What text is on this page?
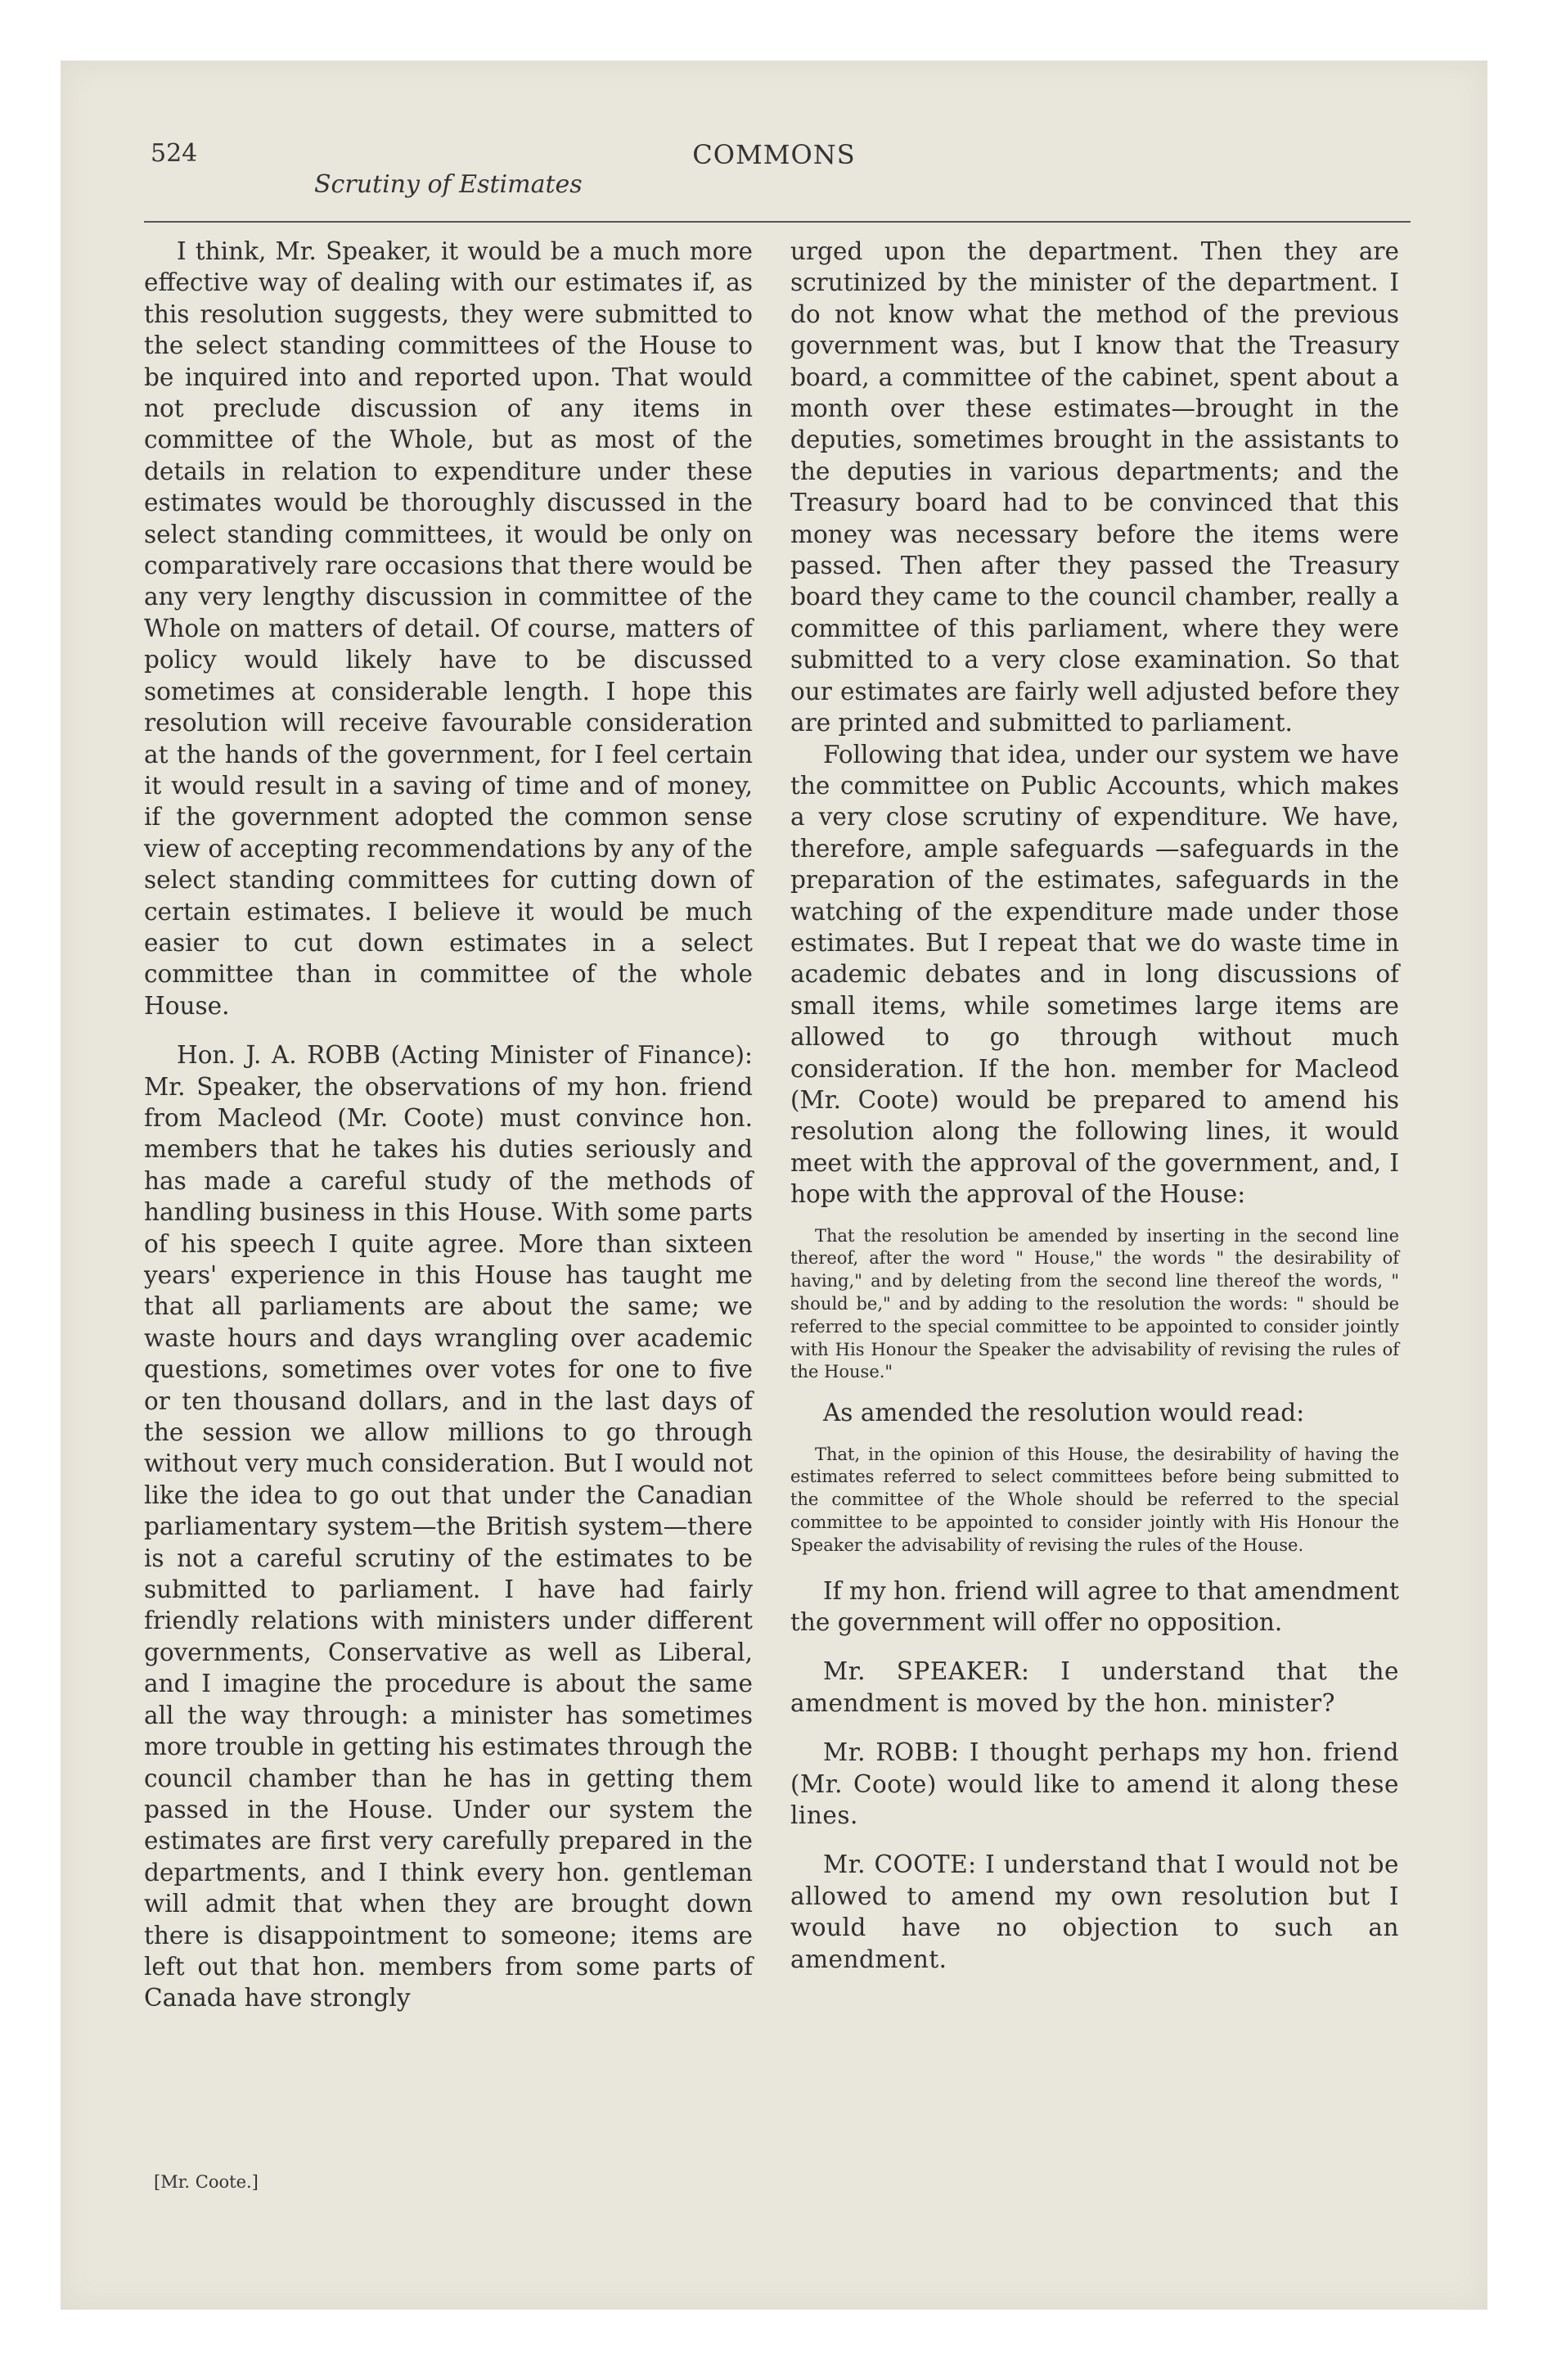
524	COMMONS
Scrutiny of Estimates

I think, Mr. Speaker, it would be a much more effective way of dealing with our estimates if, as this resolution suggests, they were submitted to the select standing committees of the House to be inquired into and reported upon. That would not preclude discussion of any items in committee of the Whole, but as most of the details in relation to expenditure under these estimates would be thoroughly discussed in the select standing committees, it would be only on comparatively rare occasions that there would be any very lengthy discussion in committee of the Whole on matters of detail. Of course, matters of policy would likely have to be discussed sometimes at considerable length. I hope this resolution will receive favourable consideration at the hands of the government, for I feel certain it would result in a saving of time and of money, if the government adopted the common sense view of accepting recommendations by any of the select standing committees for cutting down of certain estimates. I believe it would be much easier to cut down estimates in a select committee than in committee of the whole House.

Hon. J. A. ROBB (Acting Minister of Finance): Mr. Speaker, the observations of my hon. friend from Macleod (Mr. Coote) must convince hon. members that he takes his duties seriously and has made a careful study of the methods of handling business in this House. With some parts of his speech I quite agree. More than sixteen years' experience in this House has taught me that all parliaments are about the same; we waste hours and days wrangling over academic questions, sometimes over votes for one to five or ten thousand dollars, and in the last days of the session we allow millions to go through without very much consideration. But I would not like the idea to go out that under the Canadian parliamentary system—the British system—there is not a careful scrutiny of the estimates to be submitted to parliament. I have had fairly friendly relations with ministers under different governments, Conservative as well as Liberal, and I imagine the procedure is about the same all the way through: a minister has sometimes more trouble in getting his estimates through the council chamber than he has in getting them passed in the House. Under our system the estimates are first very carefully prepared in the departments, and I think every hon. gentleman will admit that when they are brought down there is disappointment to someone; items are left out that hon. members from some parts of Canada have strongly

urged upon the department. Then they are scrutinized by the minister of the department. I do not know what the method of the previous government was, but I know that the Treasury board, a committee of the cabinet, spent about a month over these estimates—brought in the deputies, sometimes brought in the assistants to the deputies in various departments; and the Treasury board had to be convinced that this money was necessary before the items were passed. Then after they passed the Treasury board they came to the council chamber, really a committee of this parliament, where they were submitted to a very close examination. So that our estimates are fairly well adjusted before they are printed and submitted to parliament.

Following that idea, under our system we have the committee on Public Accounts, which makes a very close scrutiny of expenditure. We have, therefore, ample safeguards —safeguards in the preparation of the estimates, safeguards in the watching of the expenditure made under those estimates. But I repeat that we do waste time in academic debates and in long discussions of small items, while sometimes large items are allowed to go through without much consideration. If the hon. member for Macleod (Mr. Coote) would be prepared to amend his resolution along the following lines, it would meet with the approval of the government, and, I hope with the approval of the House:

That the resolution be amended by inserting in the second line thereof, after the word " House," the words " the desirability of having," and by deleting from the second line thereof the words, " should be," and by adding to the resolution the words: " should be referred to the special committee to be appointed to consider jointly with His Honour the Speaker the advisability of revising the rules of the House."

As amended the resolution would read:

That, in the opinion of this House, the desirability of having the estimates referred to select committees before being submitted to the committee of the Whole should be referred to the special committee to be appointed to consider jointly with His Honour the Speaker the advisability of revising the rules of the House.

If my hon. friend will agree to that amendment the government will offer no opposition.

Mr. SPEAKER: I understand that the amendment is moved by the hon. minister?

Mr. ROBB: I thought perhaps my hon. friend (Mr. Coote) would like to amend it along these lines.

Mr. COOTE: I understand that I would not be allowed to amend my own resolution but I would have no objection to such an amendment.

[Mr. Coote.]
